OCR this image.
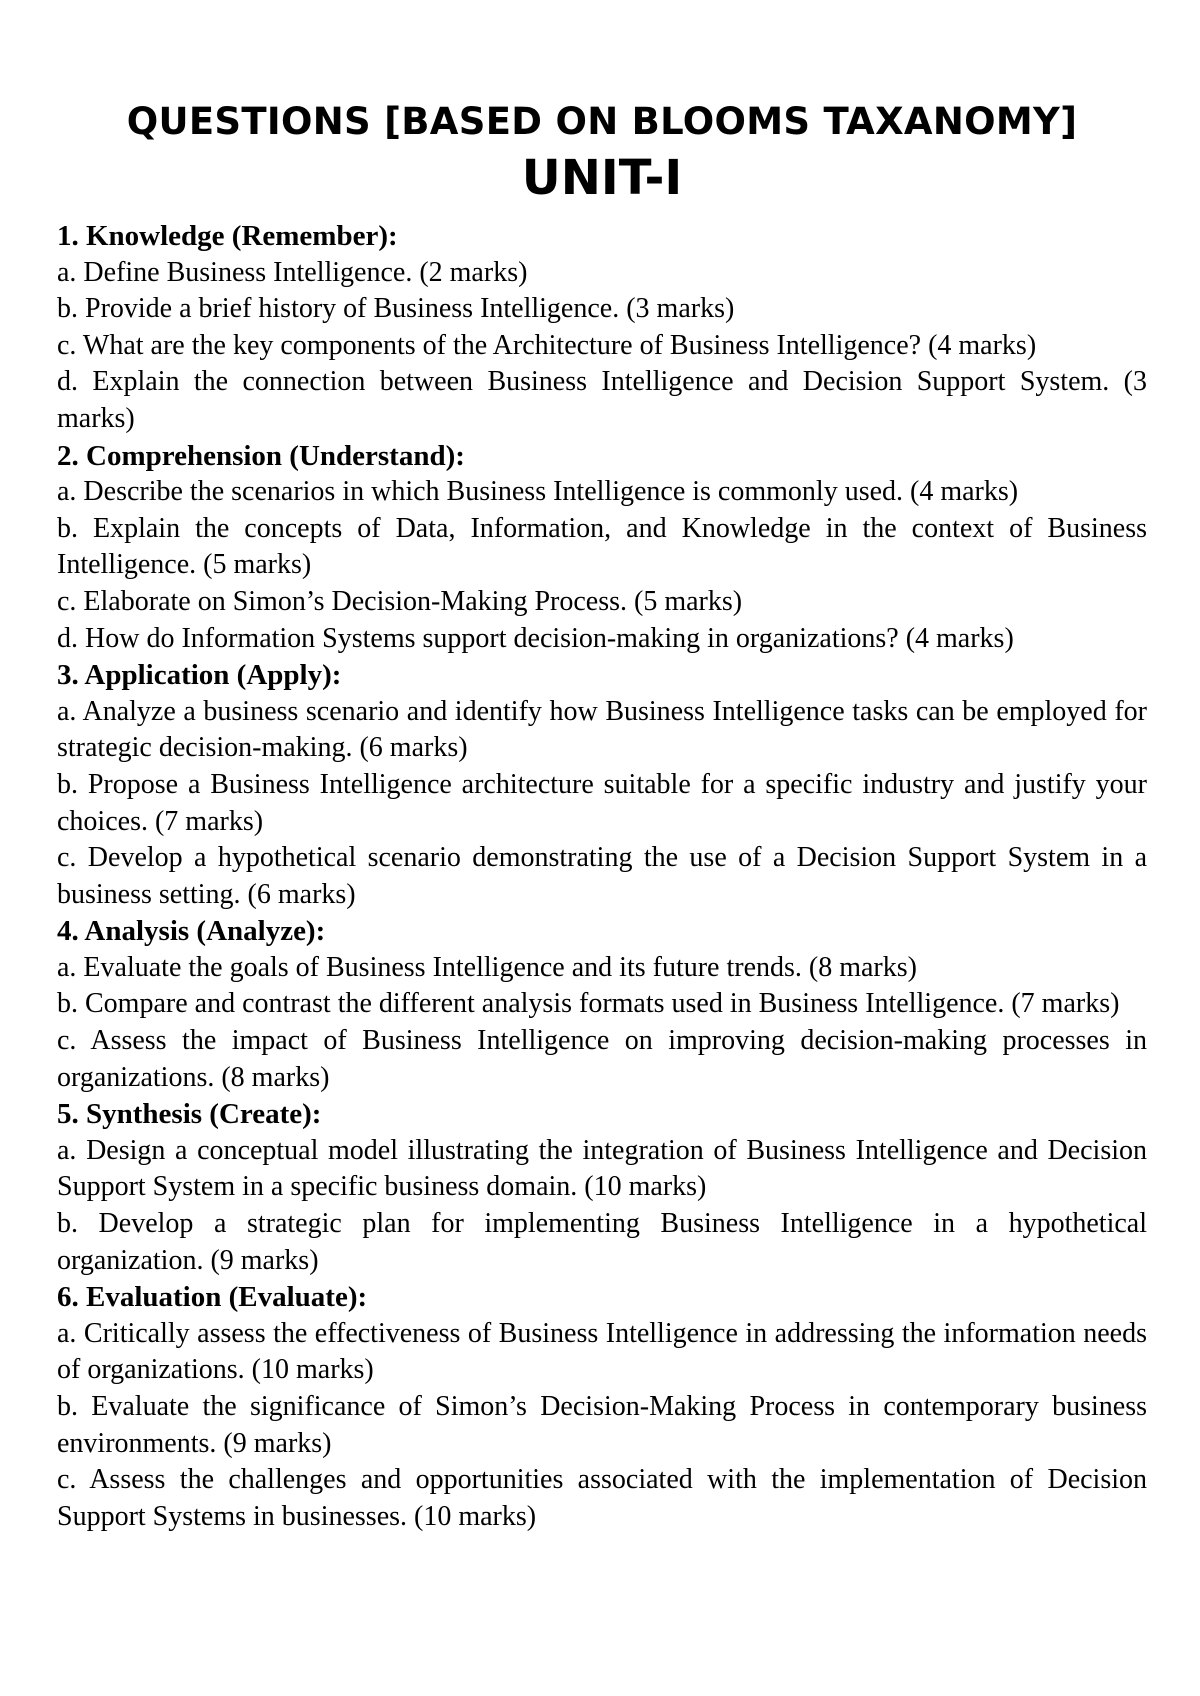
QUESTIONS [BASED ON BLOOMS TAXANOMY]
UNIT-I

1. Knowledge (Remember):

a. Define Business Intelligence. (2 marks)

b. Provide a brief history of Business Intelligence. (3 marks)

c. What are the key components of the Architecture of Business Intelligence? (4 marks)

d. Explain the connection between Business Intelligence and Decision Support System. (3 marks)

2. Comprehension (Understand):

a. Describe the scenarios in which Business Intelligence is commonly used. (4 marks)

b. Explain the concepts of Data, Information, and Knowledge in the context of Business Intelligence. (5 marks)

c. Elaborate on Simon’s Decision-Making Process. (5 marks)

d. How do Information Systems support decision-making in organizations? (4 marks)

3. Application (Apply):

a. Analyze a business scenario and identify how Business Intelligence tasks can be employed for strategic decision-making. (6 marks)

b. Propose a Business Intelligence architecture suitable for a specific industry and justify your choices. (7 marks)

c. Develop a hypothetical scenario demonstrating the use of a Decision Support System in a business setting. (6 marks)

4. Analysis (Analyze):

a. Evaluate the goals of Business Intelligence and its future trends. (8 marks)

b. Compare and contrast the different analysis formats used in Business Intelligence. (7 marks)

c. Assess the impact of Business Intelligence on improving decision-making processes in organizations. (8 marks)

5. Synthesis (Create):

a. Design a conceptual model illustrating the integration of Business Intelligence and Decision Support System in a specific business domain. (10 marks)

b. Develop a strategic plan for implementing Business Intelligence in a hypothetical organization. (9 marks)

6. Evaluation (Evaluate):

a. Critically assess the effectiveness of Business Intelligence in addressing the information needs of organizations. (10 marks)

b. Evaluate the significance of Simon’s Decision-Making Process in contemporary business environments. (9 marks)

c. Assess the challenges and opportunities associated with the implementation of Decision Support Systems in businesses. (10 marks)
